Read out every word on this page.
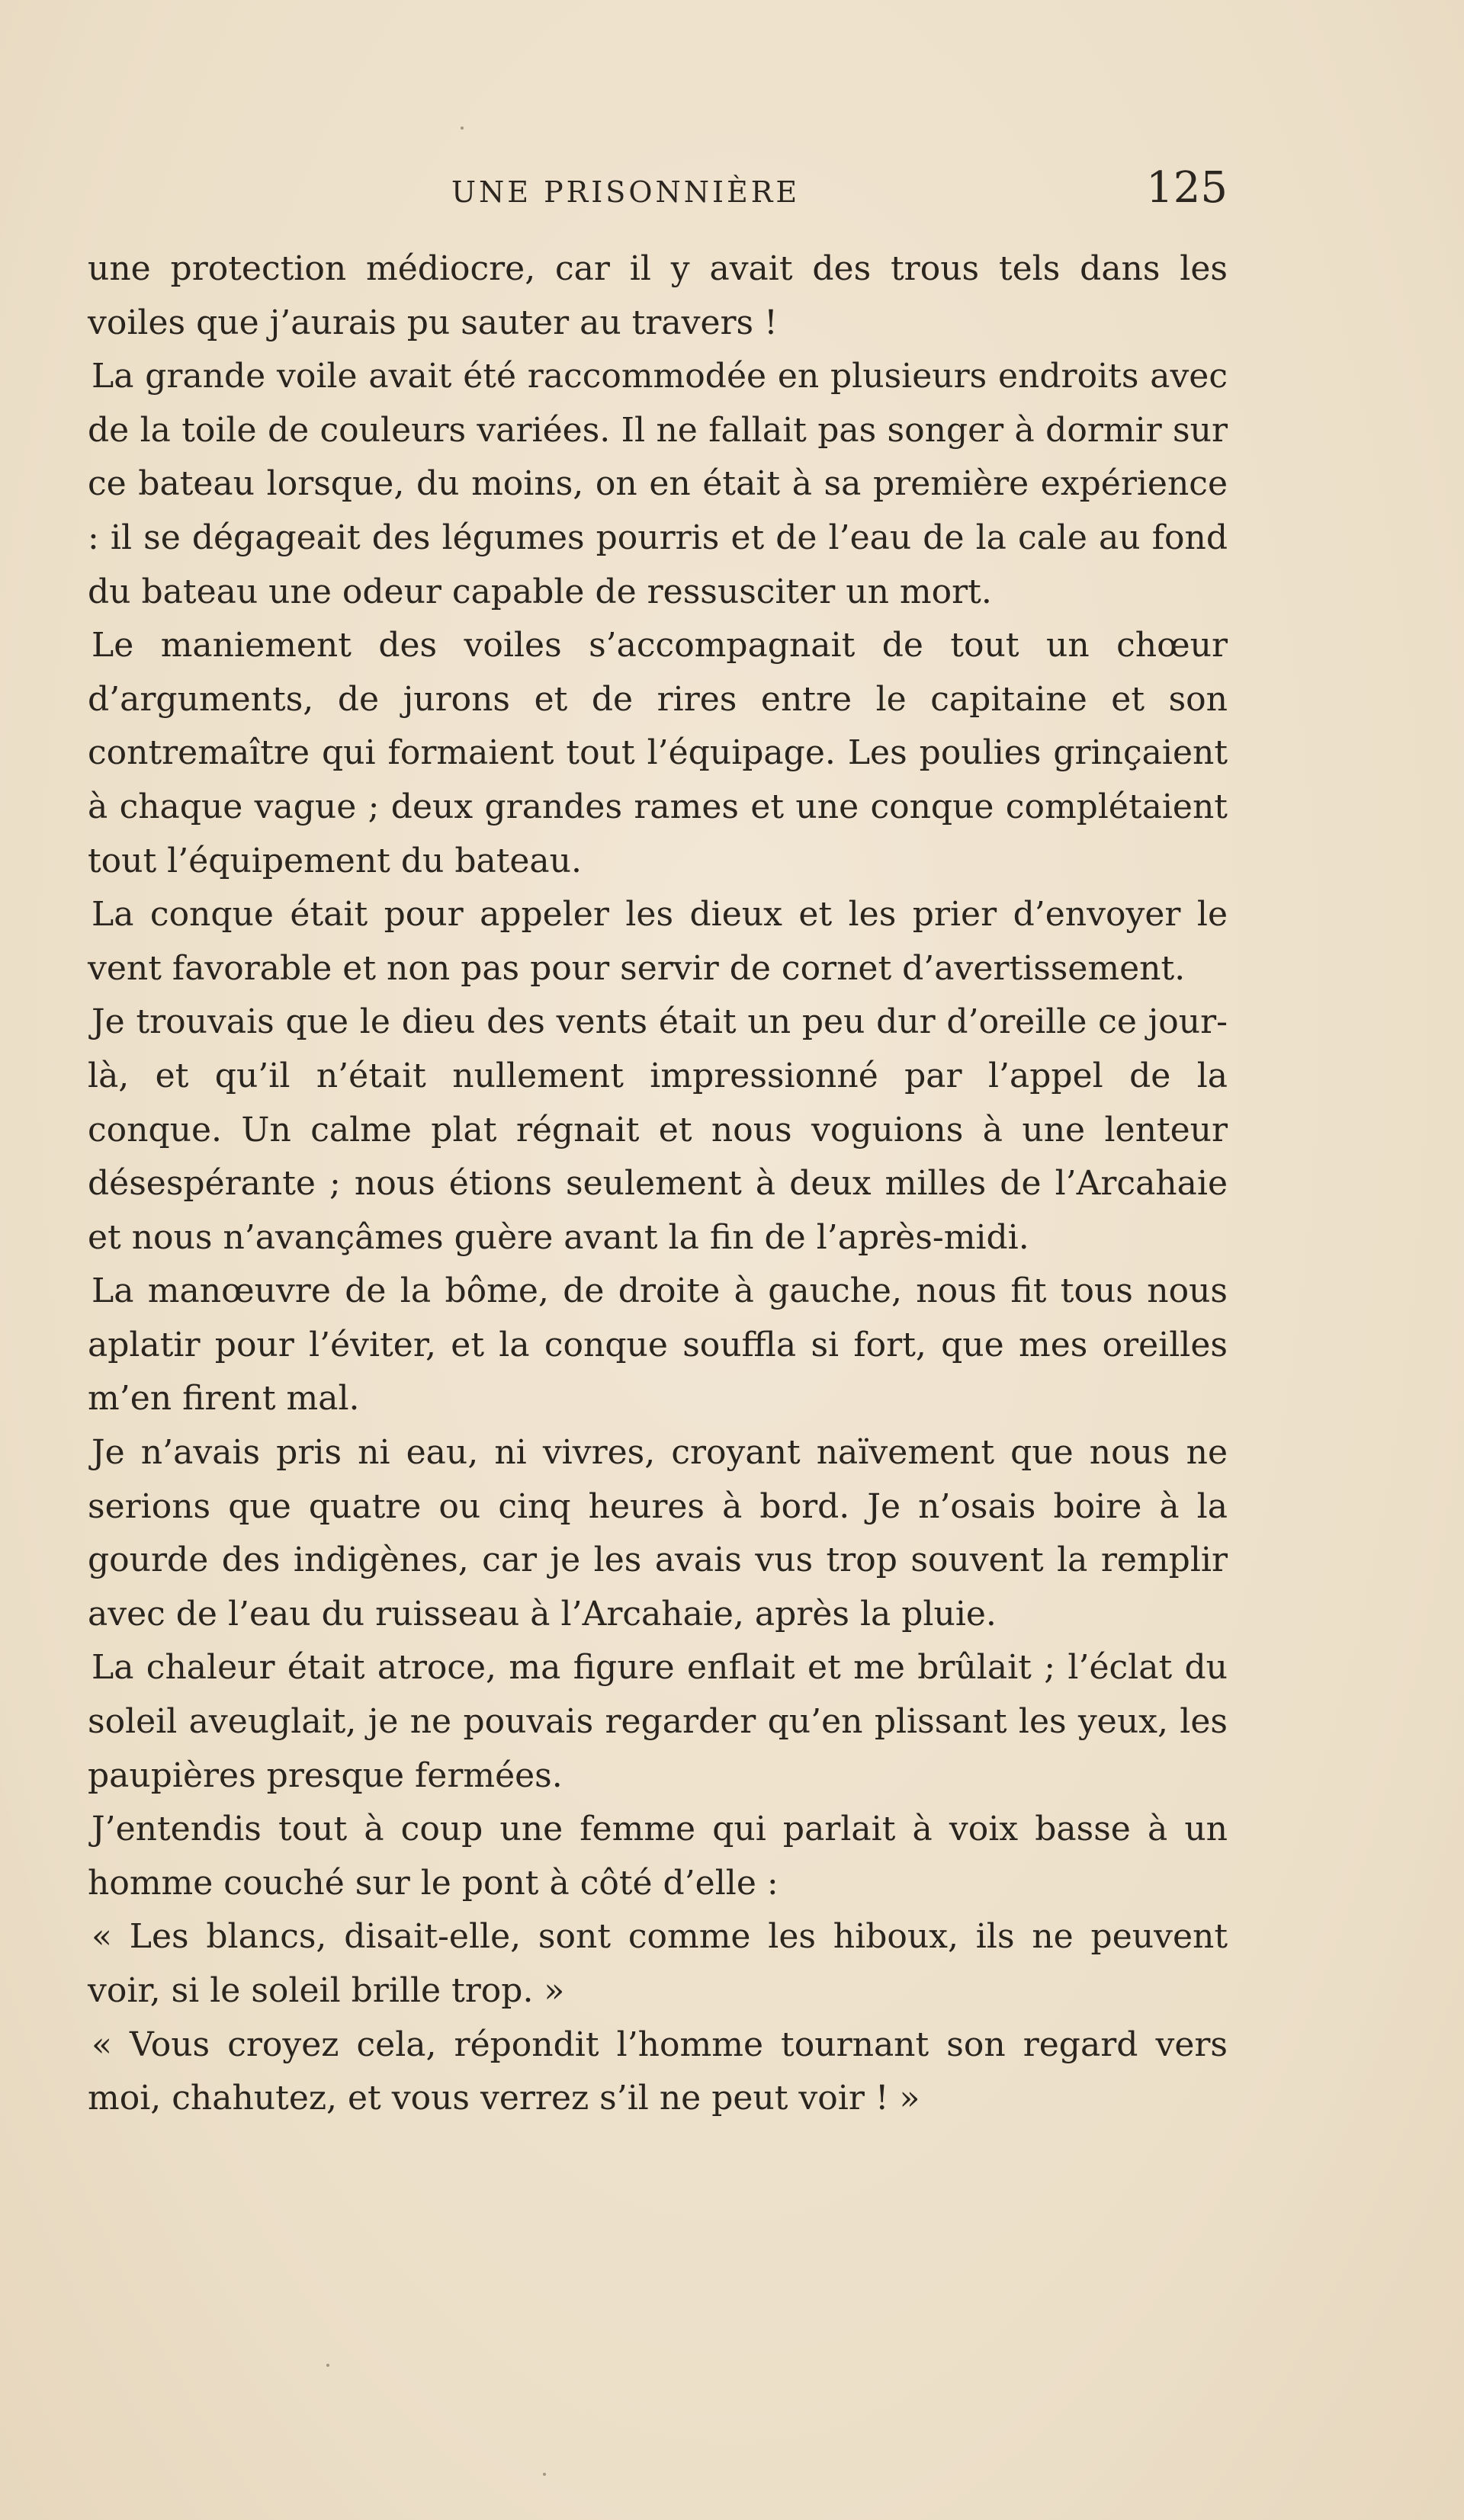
UNE PRISONNIÈRE	125

une protection médiocre, car il y avait des trous tels dans les voiles que j’aurais pu sauter au travers !

La grande voile avait été raccommodée en plusieurs endroits avec de la toile de couleurs variées. Il ne fallait pas songer à dormir sur ce bateau lorsque, du moins, on en était à sa première expérience : il se dégageait des légumes pourris et de l’eau de la cale au fond du bateau une odeur capable de ressusciter un mort.

Le maniement des voiles s’accompagnait de tout un chœur d’arguments, de jurons et de rires entre le capitaine et son contremaître qui formaient tout l’équipage. Les poulies grinçaient à chaque vague ; deux grandes rames et une conque complétaient tout l’équipement du bateau.

La conque était pour appeler les dieux et les prier d’envoyer le vent favorable et non pas pour servir de cornet d’avertissement.

Je trouvais que le dieu des vents était un peu dur d’oreille ce jour-là, et qu’il n’était nullement impressionné par l’appel de la conque. Un calme plat régnait et nous voguions à une lenteur désespérante ; nous étions seulement à deux milles de l’Arcahaie et nous n’avançâmes guère avant la fin de l’après-midi.

La manœuvre de la bôme, de droite à gauche, nous fit tous nous aplatir pour l’éviter, et la conque souffla si fort, que mes oreilles m’en firent mal.

Je n’avais pris ni eau, ni vivres, croyant naïvement que nous ne serions que quatre ou cinq heures à bord. Je n’osais boire à la gourde des indigènes, car je les avais vus trop souvent la remplir avec de l’eau du ruisseau à l’Arcahaie, après la pluie.

La chaleur était atroce, ma figure enflait et me brûlait ; l’éclat du soleil aveuglait, je ne pouvais regarder qu’en plissant les yeux, les paupières presque fermées.

J’entendis tout à coup une femme qui parlait à voix basse à un homme couché sur le pont à côté d’elle :

« Les blancs, disait-elle, sont comme les hiboux, ils ne peuvent voir, si le soleil brille trop. »

« Vous croyez cela, répondit l’homme tournant son regard vers moi, chahutez, et vous verrez s’il ne peut voir ! »
